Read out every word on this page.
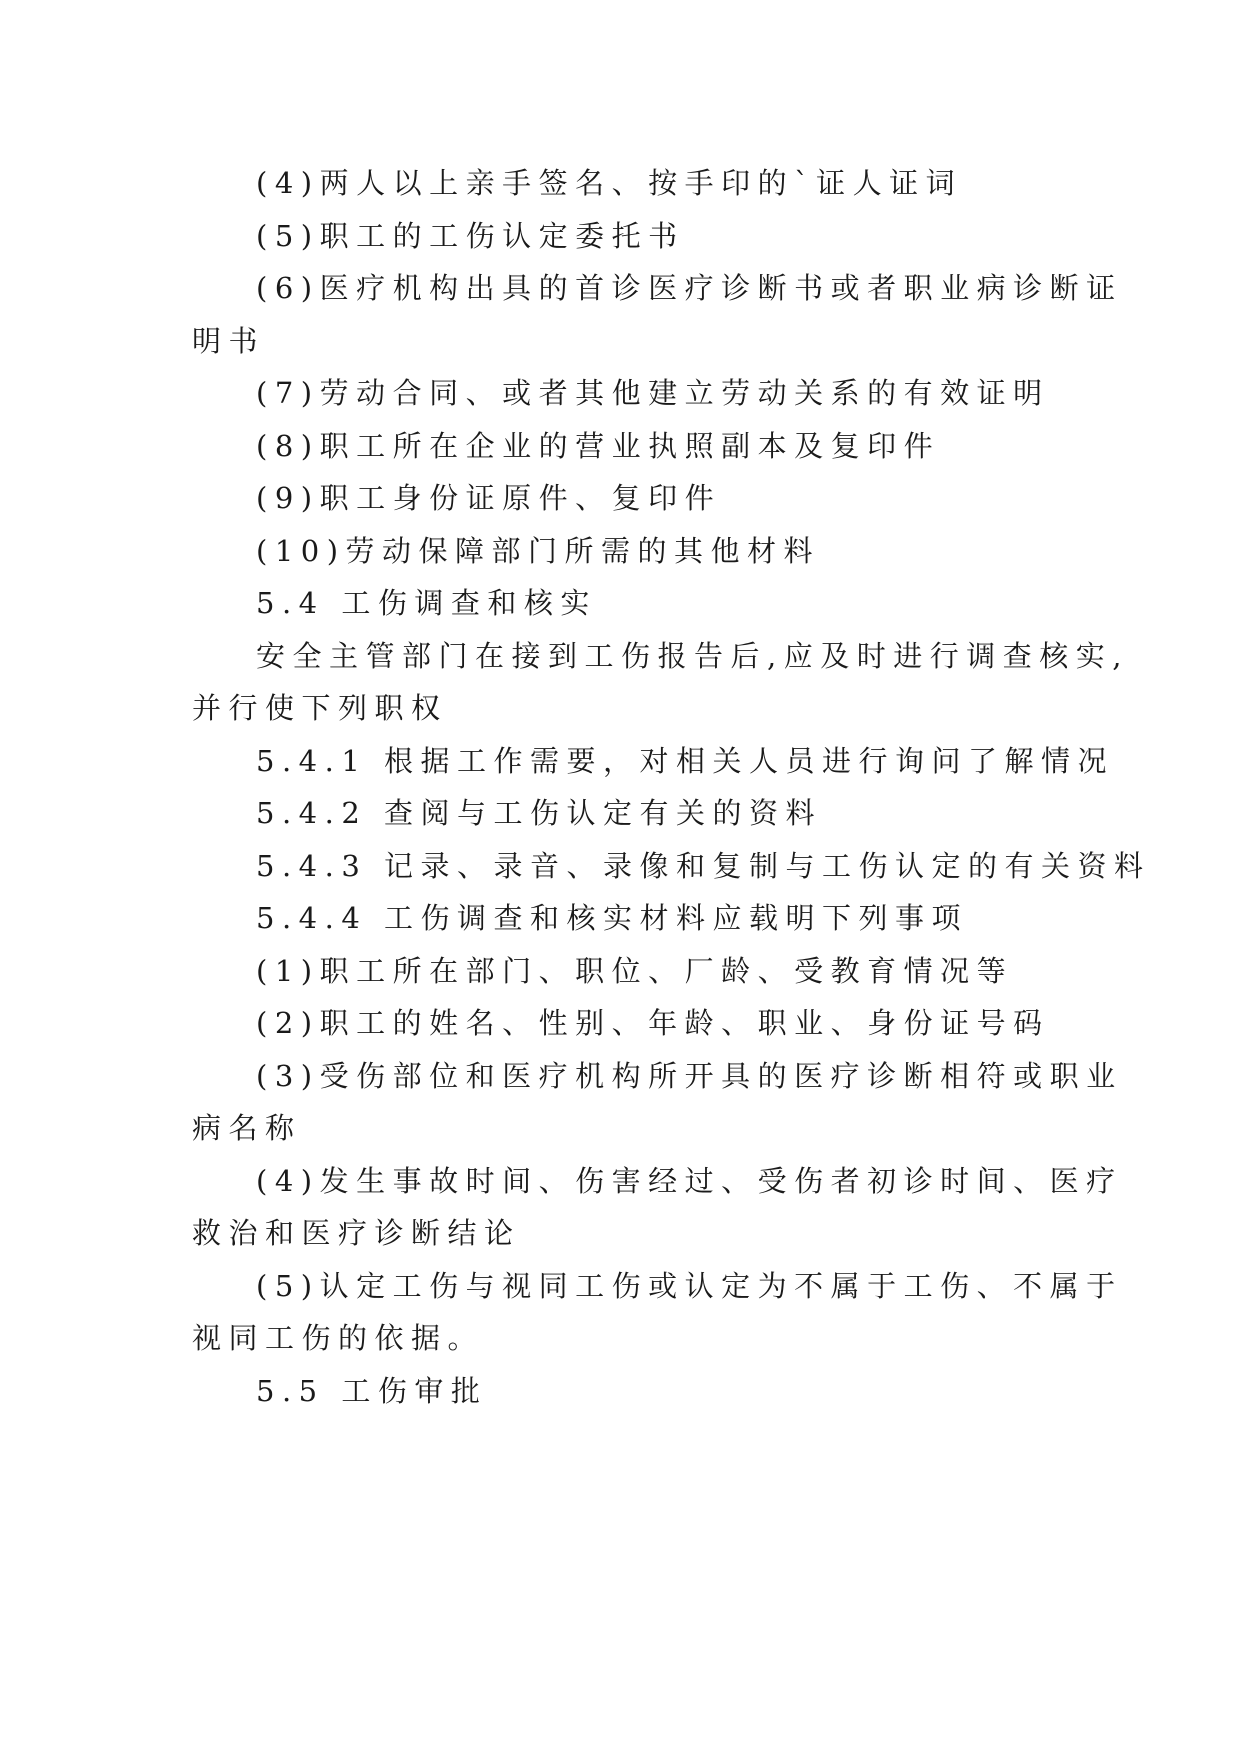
(4)两人以上亲手签名、按手印的`证人证词
(5)职工的工伤认定委托书
(6)医疗机构出具的首诊医疗诊断书或者职业病诊断证
明书
(7)劳动合同、或者其他建立劳动关系的有效证明
(8)职工所在企业的营业执照副本及复印件
(9)职工身份证原件、复印件
(10)劳动保障部门所需的其他材料
5.4 工伤调查和核实
安全主管部门在接到工伤报告后,应及时进行调查核实,
并行使下列职权
5.4.1 根据工作需要，对相关人员进行询问了解情况
5.4.2 查阅与工伤认定有关的资料
5.4.3 记录、录音、录像和复制与工伤认定的有关资料
5.4.4 工伤调查和核实材料应载明下列事项
(1)职工所在部门、职位、厂龄、受教育情况等
(2)职工的姓名、性别、年龄、职业、身份证号码
(3)受伤部位和医疗机构所开具的医疗诊断相符或职业
病名称
(4)发生事故时间、伤害经过、受伤者初诊时间、医疗
救治和医疗诊断结论
(5)认定工伤与视同工伤或认定为不属于工伤、不属于
视同工伤的依据。
5.5 工伤审批
